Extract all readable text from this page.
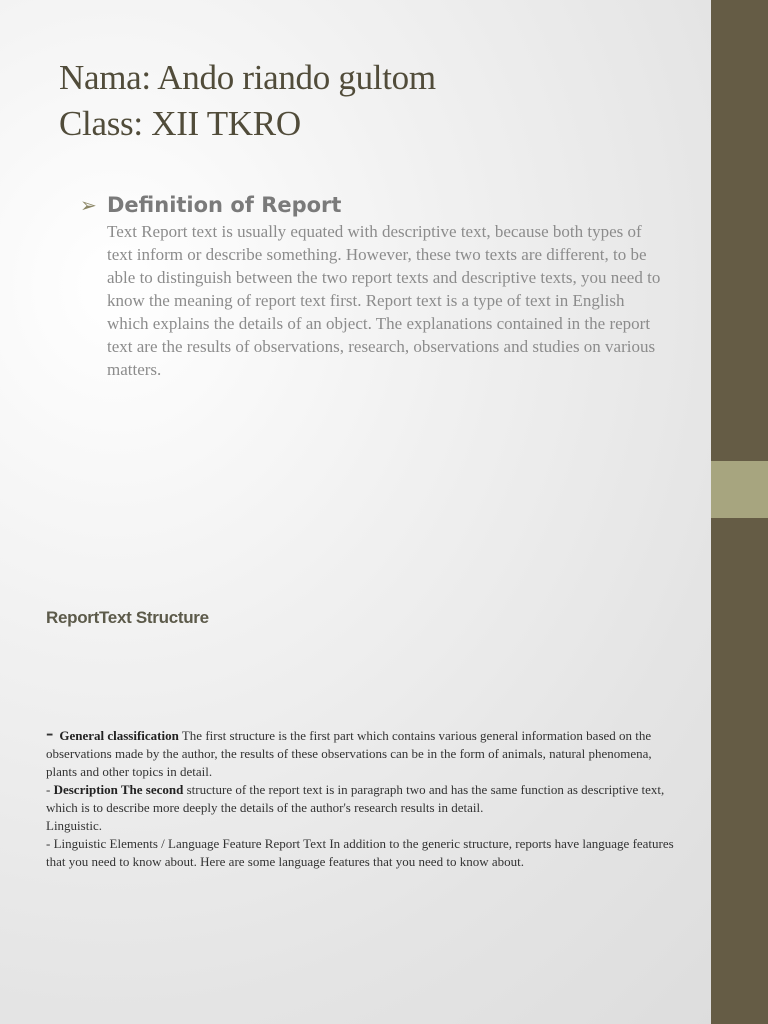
Nama: Ando riando gultom
Class: XII TKRO
➢ Definition of Report
Text Report text is usually equated with descriptive text, because both types of text inform or describe something. However, these two texts are different, to be able to distinguish between the two report texts and descriptive texts, you need to know the meaning of report text first. Report text is a type of text in English which explains the details of an object. The explanations contained in the report text are the results of observations, research, observations and studies on various matters.
ReportText Structure

- General classification The first structure is the first part which contains various general information based on the observations made by the author, the results of these observations can be in the form of animals, natural phenomena, plants and other topics in detail.

- Description The second structure of the report text is in paragraph two and has the same function as descriptive text, which is to describe more deeply the details of the author's research results in detail.

Linguistic.

- Linguistic Elements / Language Feature Report Text In addition to the generic structure, reports have language features that you need to know about. Here are some language features that you need to know about.
